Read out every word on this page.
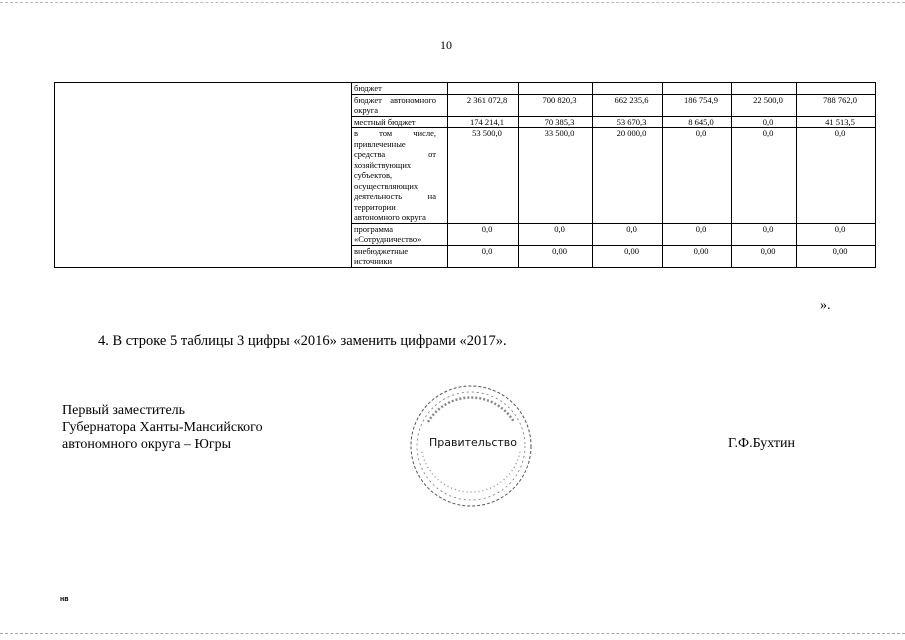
10
	бюджет						

	бюджет автономного округа	2 361 072,8	700 820,3	662 235,6	186 754,9	22 500,0	788 762,0
	местный бюджет	174 214,1	70 385,3	53 670,3	8 645,0	0,0	41 513,5

	в том числе, привлеченные средства от хозяйствующих субъектов, осуществляющих деятельность на территории автономного округа	53 500,0	33 500,0	20 000,0	0,0	0,0	0,0

	программа «Сотрудничество»	0,0	0,0	0,0	0,0	0,0	0,0

	внебюджетные источники	0,0	0,00	0,00	0,00	0,00	0,00
».
4. В строке 5 таблицы 3 цифры «2016» заменить цифрами «2017».
Первый заместитель
Губернатора Ханты-Мансийского
автономного округа – Югры	Правительство	Г.Ф.Бухтин
нв
